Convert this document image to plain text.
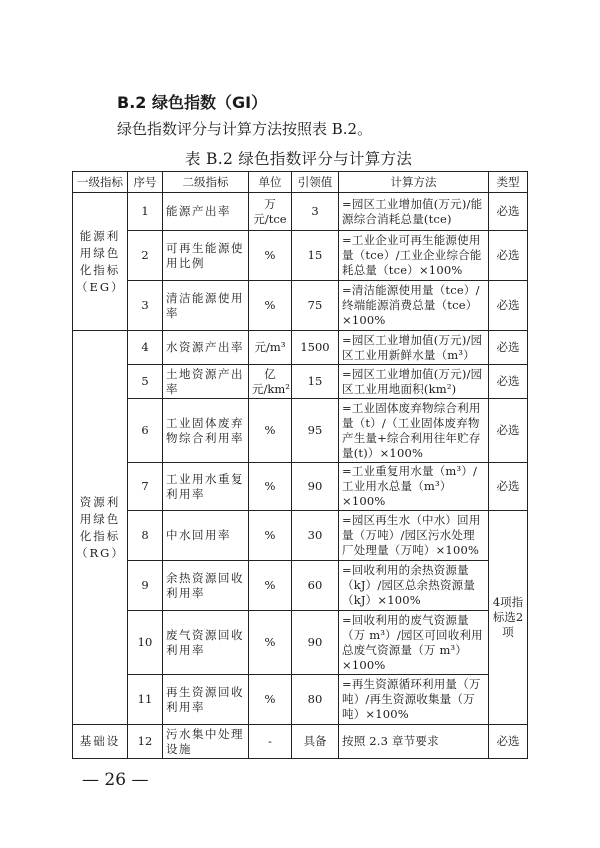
B.2 绿色指数（GI）
绿色指数评分与计算方法按照表 B.2。
表 B.2 绿色指数评分与计算方法
一级指标	序号	二级指标	单位	引领值	计算方法	类型
能源利用绿色化指标（EG）	1	能源产出率	万元/tce	3	=园区工业增加值(万元)/能源综合消耗总量(tce)	必选
	2	可再生能源使用比例	%	15	=工业企业可再生能源使用量（tce）/工业企业综合能耗总量（tce）×100%	必选
	3	清洁能源使用率	%	75	=清洁能源使用量（tce）/终端能源消费总量（tce）×100%	必选
资源利用绿色化指标（RG）	4	水资源产出率	元/m³	1500	=园区工业增加值(万元)/园区工业用新鲜水量（m³）	必选
	5	土地资源产出率	亿元/km²	15	=园区工业增加值(万元)/园区工业用地面积(km²)	必选
	6	工业固体废弃物综合利用率	%	95	=工业固体废弃物综合利用量（t）/（工业固体废弃物产生量+综合利用往年贮存量(t)）×100%	必选
	7	工业用水重复利用率	%	90	=工业重复用水量（m³）/工业用水总量（m³）×100%	必选
	8	中水回用率	%	30	=园区再生水（中水）回用量（万吨）/园区污水处理厂处理量（万吨）×100%	4项指标选2项
	9	余热资源回收利用率	%	60	=回收利用的余热资源量（kJ）/园区总余热资源量（kJ）×100%	
	10	废气资源回收利用率	%	90	=回收利用的废气资源量（万 m³）/园区可回收利用总废气资源量（万 m³）×100%	
	11	再生资源回收利用率	%	80	=再生资源循环利用量（万吨）/再生资源收集量（万吨）×100%	
基础设	12	污水集中处理设施	-	具备	按照 2.3 章节要求	必选
— 26 —
